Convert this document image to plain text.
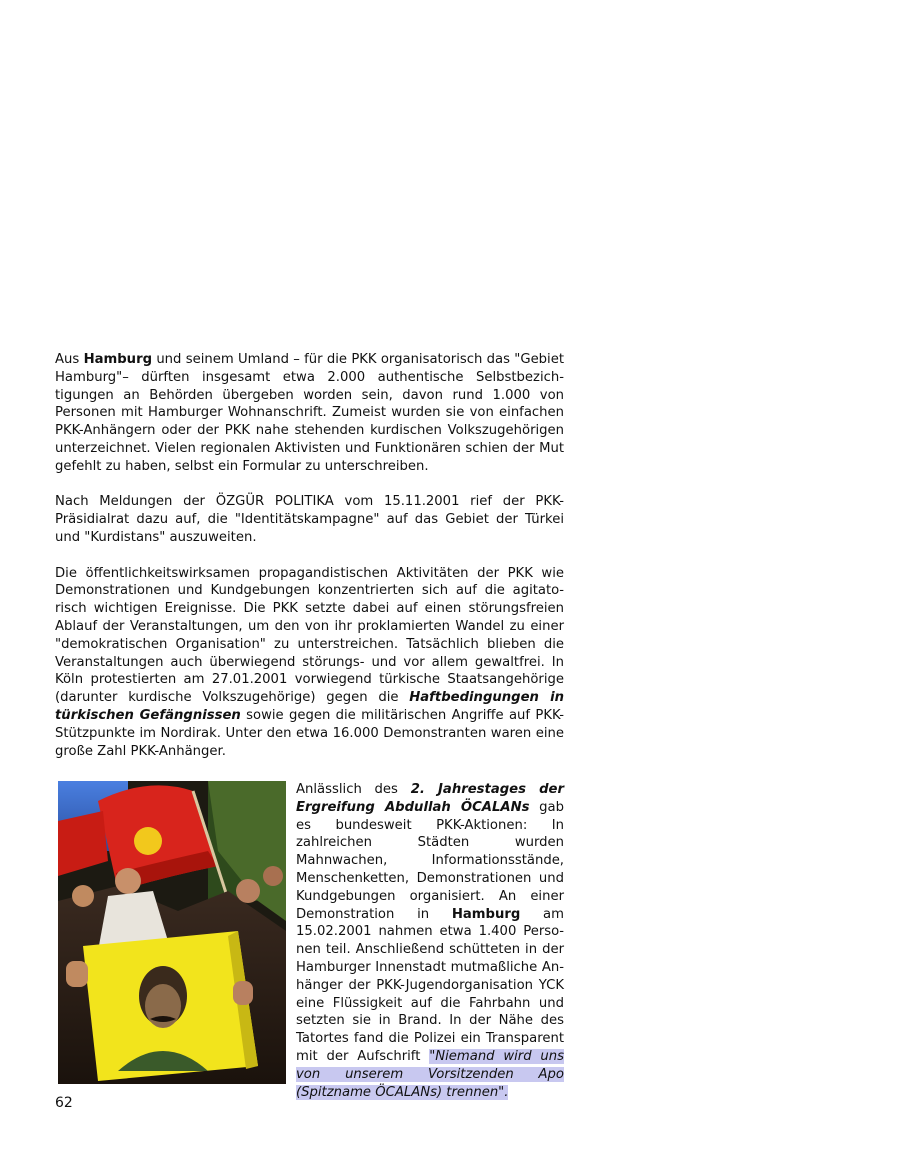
Aus Hamburg und seinem Umland – für die PKK organisatorisch das "Gebiet Hamburg"– dürften insgesamt etwa 2.000 authentische Selbstbezichtigungen an Behörden übergeben worden sein, davon rund 1.000 von Personen mit Hamburger Wohnanschrift. Zumeist wurden sie von einfachen PKK-Anhängern oder der PKK nahe stehenden kurdischen Volkszugehörigen unterzeichnet. Vielen regionalen Aktivisten und Funktionären schien der Mut gefehlt zu haben, selbst ein Formular zu unterschreiben.

Nach Meldungen der ÖZGÜR POLITIKA vom 15.11.2001 rief der PKK-Präsidialrat dazu auf, die "Identitätskampagne" auf das Gebiet der Türkei und "Kurdistans" auszuweiten.

Die öffentlichkeitswirksamen propagandistischen Aktivitäten der PKK wie Demonstrationen und Kundgebungen konzentrierten sich auf die agitatorisch wichtigen Ereignisse. Die PKK setzte dabei auf einen störungsfreien Ablauf der Veranstaltungen, um den von ihr proklamierten Wandel zu einer "demokratischen Organisation" zu unterstreichen. Tatsächlich blieben die Veranstaltungen auch überwiegend störungs- und vor allem gewaltfrei. In Köln protestierten am 27.01.2001 vorwiegend türkische Staatsangehörige (darunter kurdische Volkszugehörige) gegen die Haftbedingungen in türkischen Gefängnissen sowie gegen die militärischen Angriffe auf PKK-Stützpunkte im Nordirak. Unter den etwa 16.000 Demonstranten waren eine große Zahl PKK-Anhänger.

Anlässlich des 2. Jahrestages der Ergreifung Abdullah ÖCALANs gab es bundesweit PKK-Aktionen: In zahlreichen Städten wurden Mahnwachen, Informationsstände, Menschenketten, Demonstrationen und Kundgebungen organisiert. An einer Demonstration in Hamburg am 15.02.2001 nahmen etwa 1.400 Personen teil. Anschließend schütteten in der Hamburger Innenstadt mutmaßliche Anhänger der PKK-Jugendorganisation YCK eine Flüssigkeit auf die Fahrbahn und setzten sie in Brand. In der Nähe des Tatortes fand die Polizei ein Transparent mit der Aufschrift "Niemand wird uns von unserem Vorsitzenden Apo (Spitzname ÖCALANs) trennen".

62
